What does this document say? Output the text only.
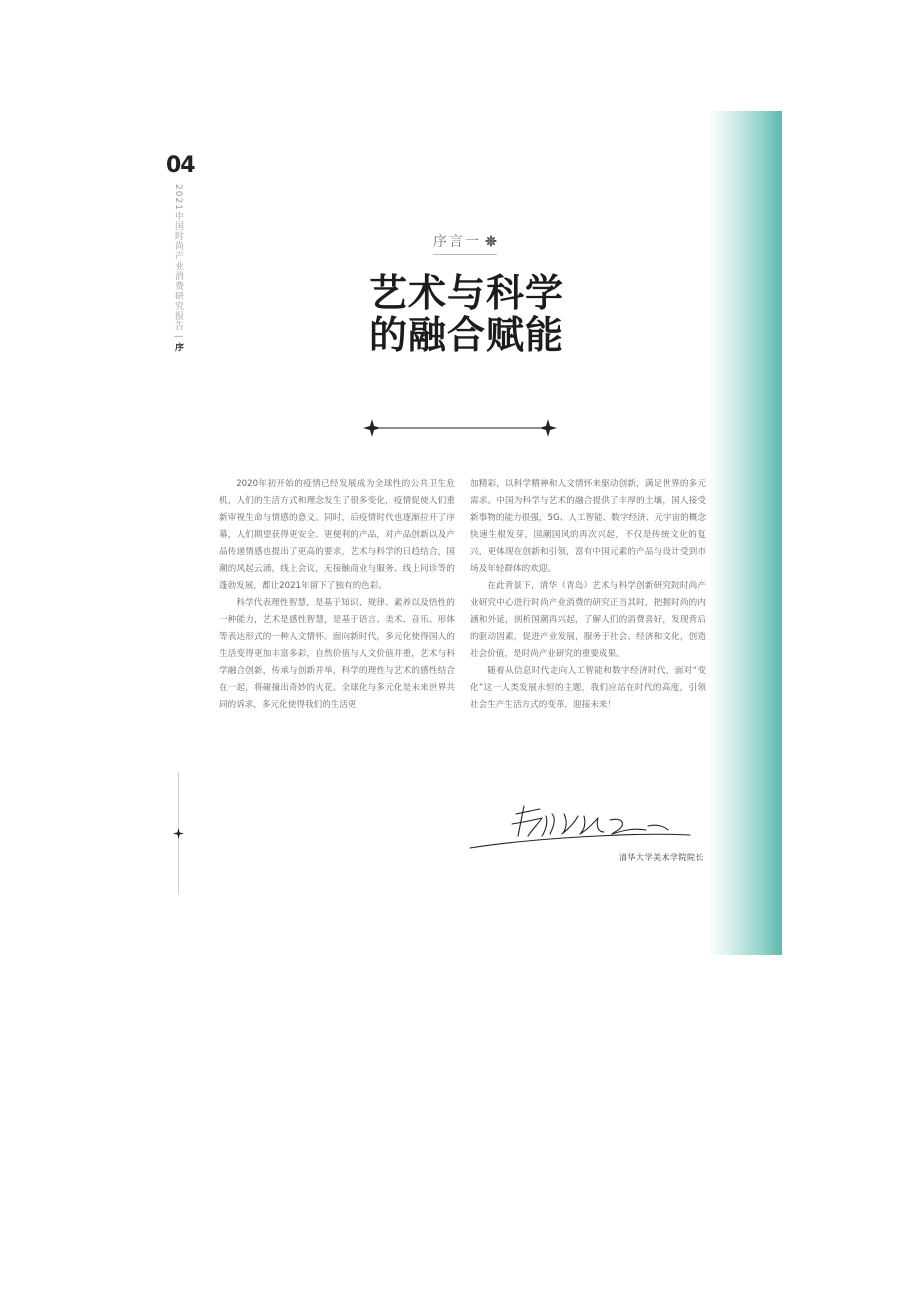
04
2021中国时尚产业消费研究报告 | 序
序言一
艺术与科学
的融合赋能

2020年初开始的疫情已经发展成为全球性的公共卫生危机，人们的生活方式和理念发生了很多变化，疫情促使人们重新审视生命与情感的意义。同时，后疫情时代也逐渐拉开了序幕，人们期望获得更安全、更便利的产品，对产品创新以及产品传递情感也提出了更高的要求，艺术与科学的日趋结合，国潮的风起云涌，线上会议，无接触商业与服务、线上问诊等的蓬勃发展，都让2021年留下了独有的色彩。

科学代表理性智慧，是基于知识、规律、素养以及悟性的一种能力，艺术是感性智慧，是基于语言、美术、音乐、形体等表达形式的一种人文情怀。面向新时代，多元化使得国人的生活变得更加丰富多彩，自然价值与人文价值并重，艺术与科学融合创新，传承与创新并举，科学的理性与艺术的感性结合在一起，将碰撞出奇妙的火花。全球化与多元化是未来世界共同的诉求，多元化使得我们的生活更

加精彩，以科学精神和人文情怀来驱动创新，满足世界的多元需求。中国为科学与艺术的融合提供了丰厚的土壤，国人接受新事物的能力很强，5G、人工智能、数字经济、元宇宙的概念快速生根发芽，国潮国风的再次兴起，不仅是传统文化的复兴，更体现在创新和引领，富有中国元素的产品与设计受到市场及年轻群体的欢迎。

在此背景下，清华（青岛）艺术与科学创新研究院时尚产业研究中心进行时尚产业消费的研究正当其时，把握时尚的内涵和外延，剖析国潮再兴起，了解人们的消费喜好，发现背后的驱动因素，促进产业发展，服务于社会、经济和文化，创造社会价值，是时尚产业研究的重要成果。

随着从信息时代走向人工智能和数字经济时代，面对“变化”这一人类发展永恒的主题，我们应站在时代的高度，引领社会生产生活方式的变革，迎接未来！

清华大学美术学院院长
